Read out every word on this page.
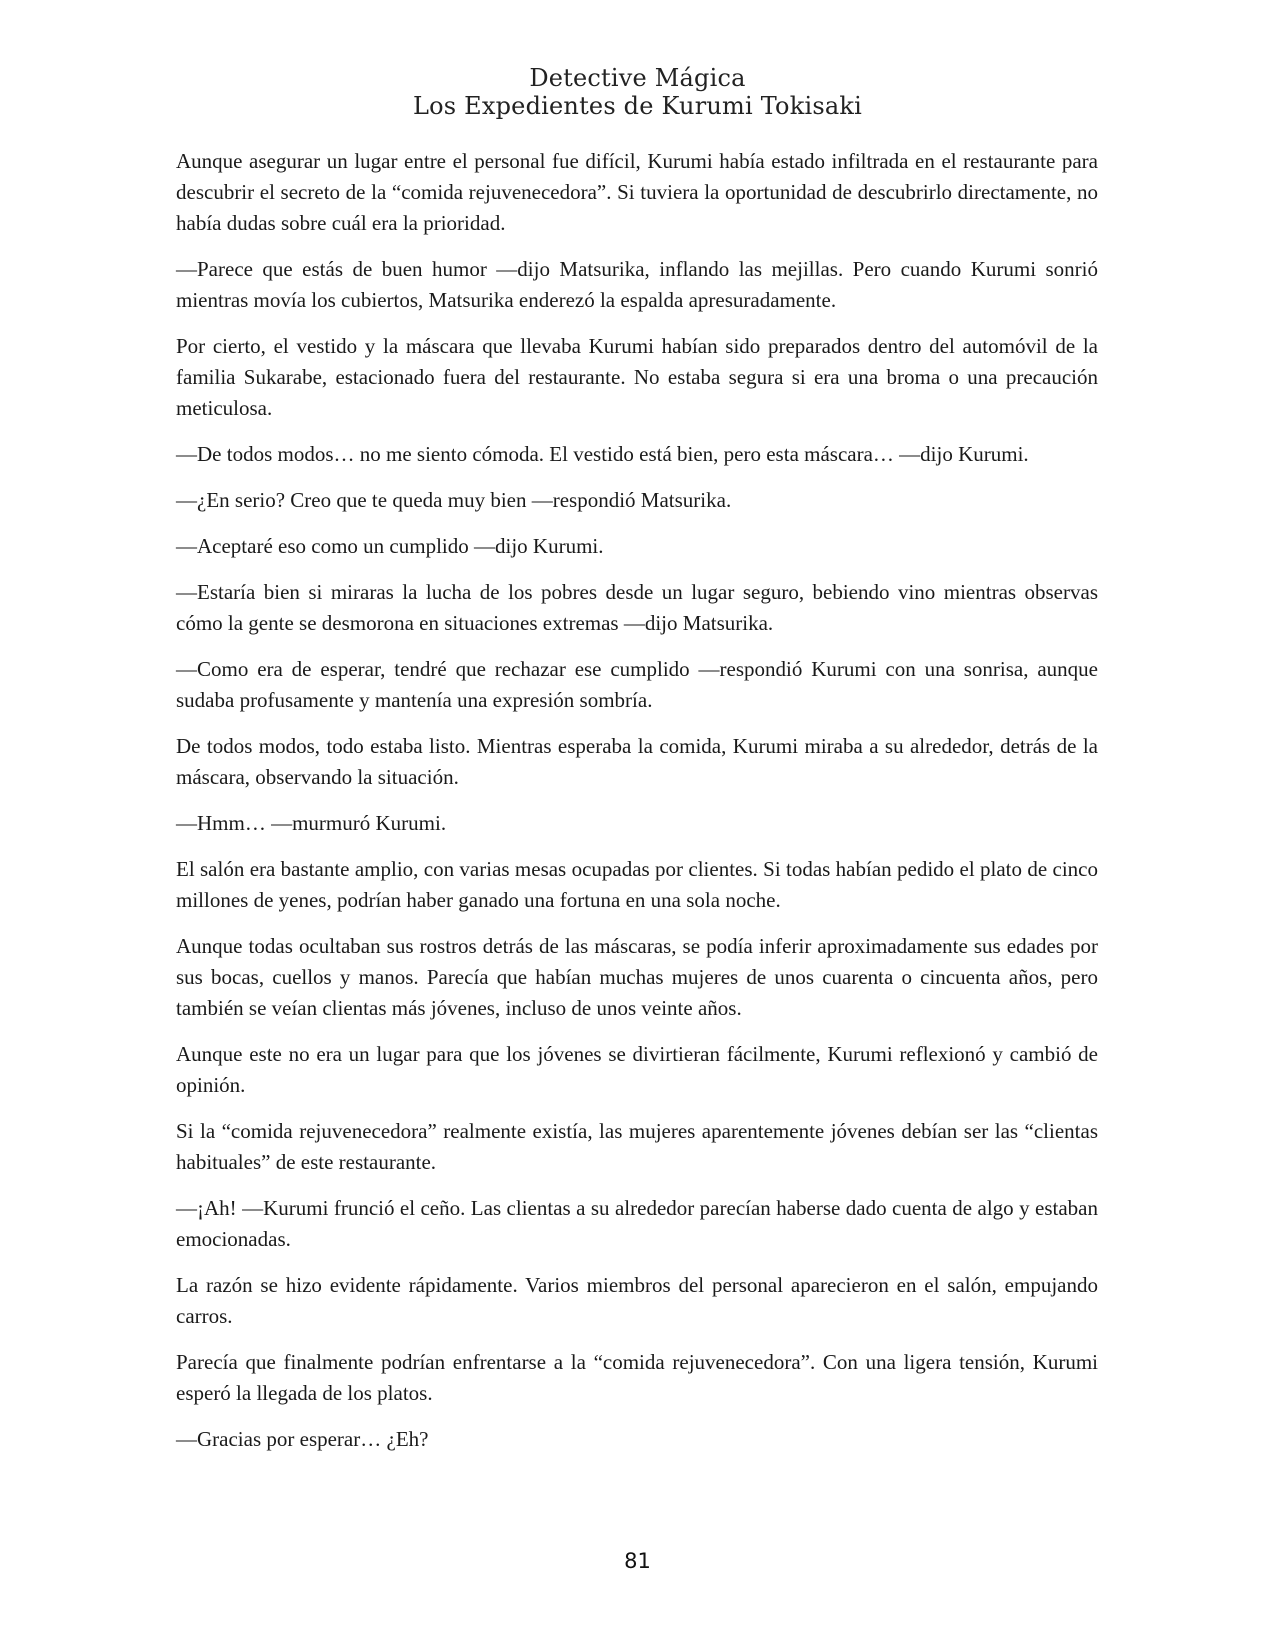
Detective Mágica
Los Expedientes de Kurumi Tokisaki

Aunque asegurar un lugar entre el personal fue difícil, Kurumi había estado infiltrada en el restaurante para descubrir el secreto de la “comida rejuvenecedora”. Si tuviera la oportunidad de descubrirlo directamente, no había dudas sobre cuál era la prioridad.

—Parece que estás de buen humor —dijo Matsurika, inflando las mejillas. Pero cuando Kurumi sonrió mientras movía los cubiertos, Matsurika enderezó la espalda apresuradamente.

Por cierto, el vestido y la máscara que llevaba Kurumi habían sido preparados dentro del automóvil de la familia Sukarabe, estacionado fuera del restaurante. No estaba segura si era una broma o una precaución meticulosa.

—De todos modos… no me siento cómoda. El vestido está bien, pero esta máscara… —dijo Kurumi.

—¿En serio? Creo que te queda muy bien —respondió Matsurika.

—Aceptaré eso como un cumplido —dijo Kurumi.

—Estaría bien si miraras la lucha de los pobres desde un lugar seguro, bebiendo vino mientras observas cómo la gente se desmorona en situaciones extremas —dijo Matsurika.

—Como era de esperar, tendré que rechazar ese cumplido —respondió Kurumi con una sonrisa, aunque sudaba profusamente y mantenía una expresión sombría.

De todos modos, todo estaba listo. Mientras esperaba la comida, Kurumi miraba a su alrededor, detrás de la máscara, observando la situación.

—Hmm… —murmuró Kurumi.

El salón era bastante amplio, con varias mesas ocupadas por clientes. Si todas habían pedido el plato de cinco millones de yenes, podrían haber ganado una fortuna en una sola noche.

Aunque todas ocultaban sus rostros detrás de las máscaras, se podía inferir aproximadamente sus edades por sus bocas, cuellos y manos. Parecía que habían muchas mujeres de unos cuarenta o cincuenta años, pero también se veían clientas más jóvenes, incluso de unos veinte años.

Aunque este no era un lugar para que los jóvenes se divirtieran fácilmente, Kurumi reflexionó y cambió de opinión.

Si la “comida rejuvenecedora” realmente existía, las mujeres aparentemente jóvenes debían ser las “clientas habituales” de este restaurante.

—¡Ah! —Kurumi frunció el ceño. Las clientas a su alrededor parecían haberse dado cuenta de algo y estaban emocionadas.

La razón se hizo evidente rápidamente. Varios miembros del personal aparecieron en el salón, empujando carros.

Parecía que finalmente podrían enfrentarse a la “comida rejuvenecedora”. Con una ligera tensión, Kurumi esperó la llegada de los platos.

—Gracias por esperar… ¿Eh?

81
